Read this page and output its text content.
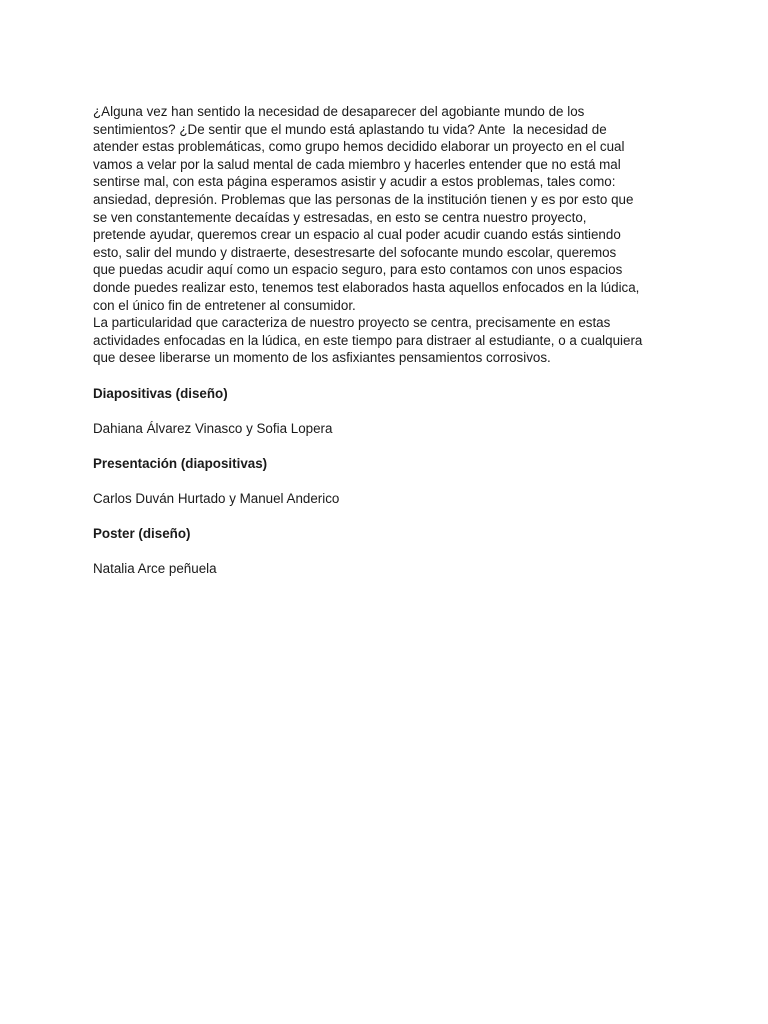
¿Alguna vez han sentido la necesidad de desaparecer del agobiante mundo de los
sentimientos? ¿De sentir que el mundo está aplastando tu vida? Ante  la necesidad de
atender estas problemáticas, como grupo hemos decidido elaborar un proyecto en el cual
vamos a velar por la salud mental de cada miembro y hacerles entender que no está mal
sentirse mal, con esta página esperamos asistir y acudir a estos problemas, tales como:
ansiedad, depresión. Problemas que las personas de la institución tienen y es por esto que
se ven constantemente decaídas y estresadas, en esto se centra nuestro proyecto,
pretende ayudar, queremos crear un espacio al cual poder acudir cuando estás sintiendo
esto, salir del mundo y distraerte, desestresarte del sofocante mundo escolar, queremos
que puedas acudir aquí como un espacio seguro, para esto contamos con unos espacios
donde puedes realizar esto, tenemos test elaborados hasta aquellos enfocados en la lúdica,
con el único fin de entretener al consumidor.
La particularidad que caracteriza de nuestro proyecto se centra, precisamente en estas
actividades enfocadas en la lúdica, en este tiempo para distraer al estudiante, o a cualquiera
que desee liberarse un momento de los asfixiantes pensamientos corrosivos.
Diapositivas (diseño)
Dahiana Álvarez Vinasco y Sofia Lopera
Presentación (diapositivas)
Carlos Duván Hurtado y Manuel Anderico
Poster (diseño)
Natalia Arce peñuela
